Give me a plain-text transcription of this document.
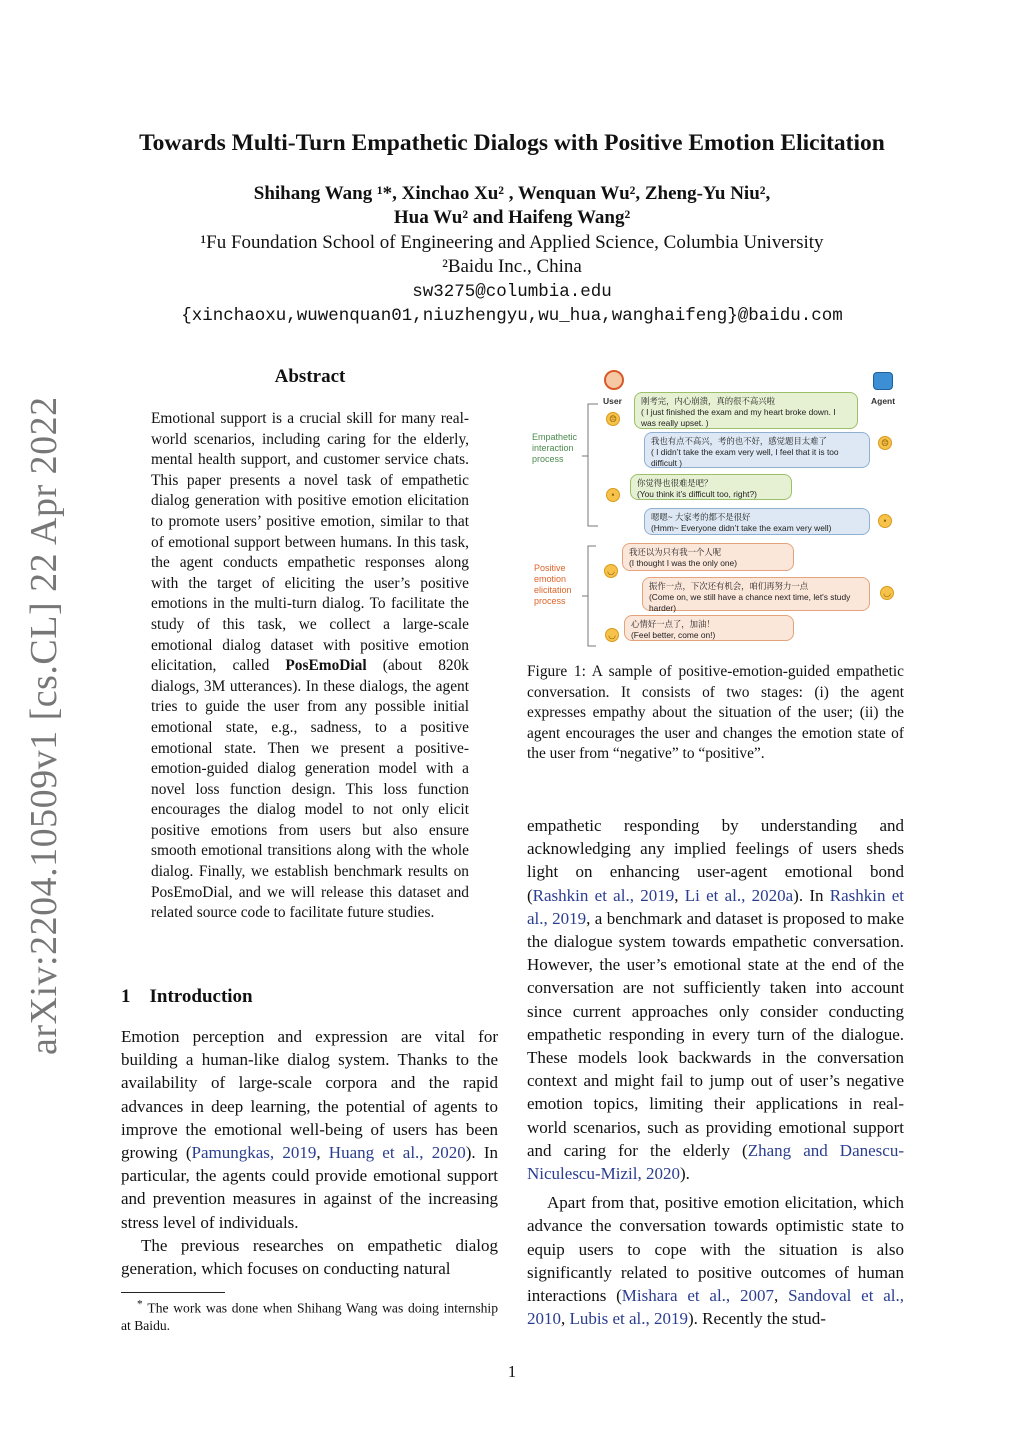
arXiv:2204.10509v1 [cs.CL] 22 Apr 2022
Towards Multi-Turn Empathetic Dialogs with Positive Emotion Elicitation
Shihang Wang ¹*, Xinchao Xu² , Wenquan Wu², Zheng-Yu Niu²,
Hua Wu² and Haifeng Wang²
¹Fu Foundation School of Engineering and Applied Science, Columbia University
²Baidu Inc., China
sw3275@columbia.edu
{xinchaoxu,wuwenquan01,niuzhengyu,wu_hua,wanghaifeng}@baidu.com
Abstract
Emotional support is a crucial skill for many real-world scenarios, including caring for the elderly, mental health support, and customer service chats. This paper presents a novel task of empathetic dialog generation with positive emotion elicitation to promote users’ positive emotion, similar to that of emotional support between humans. In this task, the agent conducts empathetic responses along with the target of eliciting the user’s positive emotions in the multi-turn dialog. To facilitate the study of this task, we collect a large-scale emotional dialog dataset with positive emotion elicitation, called PosEmoDial (about 820k dialogs, 3M utterances). In these dialogs, the agent tries to guide the user from any possible initial emotional state, e.g., sadness, to a positive emotional state. Then we present a positive-emotion-guided dialog generation model with a novel loss function design. This loss function encourages the dialog model to not only elicit positive emotions from users but also ensure smooth emotional transitions along with the whole dialog. Finally, we establish benchmark results on PosEmoDial, and we will release this dataset and related source code to facilitate future studies.
1 Introduction

Emotion perception and expression are vital for building a human-like dialog system. Thanks to the availability of large-scale corpora and the rapid advances in deep learning, the potential of agents to improve the emotional well-being of users has been growing (Pamungkas, 2019, Huang et al., 2020). In particular, the agents could provide emotional support and prevention measures in against of the increasing stress level of individuals.

The previous researches on empathetic dialog generation, which focuses on conducting natural

* The work was done when Shihang Wang was doing internship at Baidu.
User	Agent
Empathetic interaction process
Positive emotion elicitation process
刚考完，内心崩溃，真的很不高兴啦
( I just finished the exam and my heart broke down. I was really upset. )
☹
我也有点不高兴，考的也不好，感觉题目太难了
( I didn’t take the exam very well, I feel that it is too difficult )
☹
你觉得也很难是吧？
(You think it’s difficult too, right?)
•
嗯嗯~ 大家考的都不是很好
(Hmm~ Everyone didn’t take the exam very well)
•
我还以为只有我一个人呢
(I thought I was the only one)
◡
振作一点，下次还有机会，咱们再努力一点
(Come on, we still have a chance next time, let's study harder)
◡
心情好一点了，加油！
(Feel better, come on!)
◡
Figure 1: A sample of positive-emotion-guided empathetic conversation. It consists of two stages: (i) the agent expresses empathy about the situation of the user; (ii) the agent encourages the user and changes the emotion state of the user from “negative” to “positive”.

empathetic responding by understanding and acknowledging any implied feelings of users sheds light on enhancing user-agent emotional bond (Rashkin et al., 2019, Li et al., 2020a). In Rashkin et al., 2019, a benchmark and dataset is proposed to make the dialogue system towards empathetic conversation. However, the user’s emotional state at the end of the conversation are not sufficiently taken into account since current approaches only consider conducting empathetic responding in every turn of the dialogue. These models look backwards in the conversation context and might fail to jump out of user’s negative emotion topics, limiting their applications in real-world scenarios, such as providing emotional support and caring for the elderly (Zhang and Danescu-Niculescu-Mizil, 2020).

Apart from that, positive emotion elicitation, which advance the conversation towards optimistic state to equip users to cope with the situation is also significantly related to positive outcomes of human interactions (Mishara et al., 2007, Sandoval et al., 2010, Lubis et al., 2019). Recently the stud-

1
